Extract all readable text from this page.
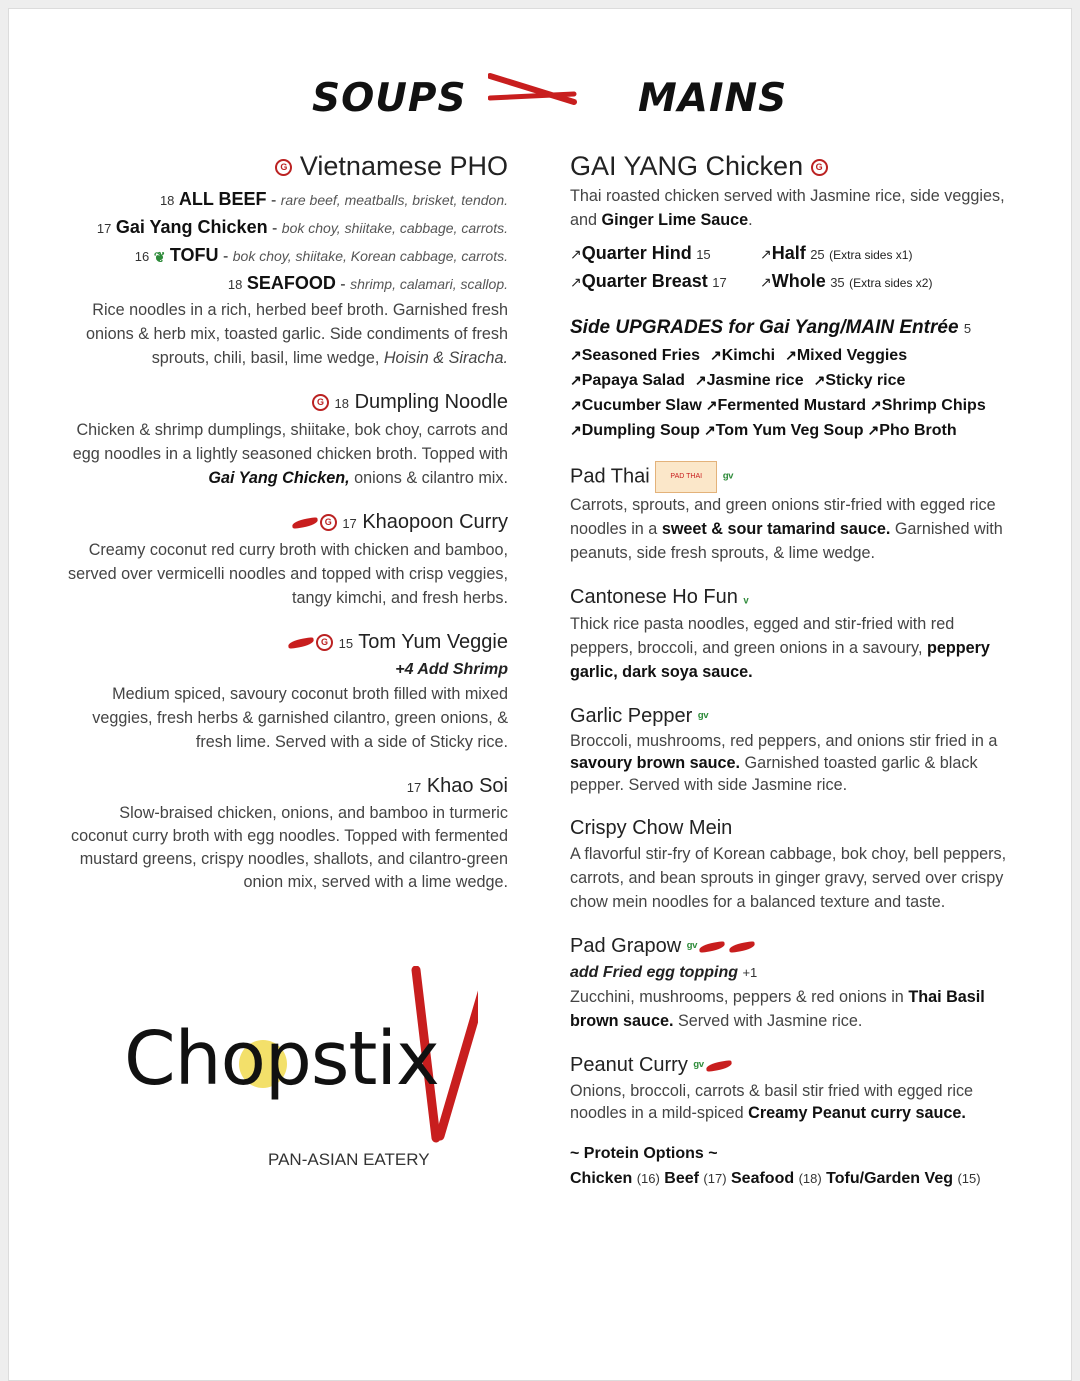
SOUPS	MAINS
G Vietnamese PHO
18 ALL BEEF - rare beef, meatballs, brisket, tendon.
17 Gai Yang Chicken - bok choy, shiitake, cabbage, carrots.
16 ❦ TOFU - bok choy, shiitake, Korean cabbage, carrots.
18 SEAFOOD - shrimp, calamari, scallop.
Rice noodles in a rich, herbed beef broth. Garnished fresh onions & herb mix, toasted garlic. Side condiments of fresh sprouts, chili, basil, lime wedge, Hoisin & Siracha.
G 18 Dumpling Noodle
Chicken & shrimp dumplings, shiitake, bok choy, carrots and egg noodles in a lightly seasoned chicken broth. Topped with Gai Yang Chicken, onions & cilantro mix.
G 17 Khaopoon Curry
Creamy coconut red curry broth with chicken and bamboo, served over vermicelli noodles and topped with crisp veggies, tangy kimchi, and fresh herbs.
G 15 Tom Yum Veggie
+4 Add Shrimp
Medium spiced, savoury coconut broth filled with mixed veggies, fresh herbs & garnished cilantro, green onions, & fresh lime. Served with a side of Sticky rice.
17 Khao Soi
Slow-braised chicken, onions, and bamboo in turmeric coconut curry broth with egg noodles. Topped with fermented mustard greens, crispy noodles, shallots, and cilantro-green onion mix, served with a lime wedge.
Chopstix
PAN-ASIAN EATERY
GAI YANG Chicken G
Thai roasted chicken served with Jasmine rice, side veggies, and Ginger Lime Sauce.
↗Quarter Hind 15	↗Half 25 (Extra sides x1)
↗Quarter Breast 17	↗Whole 35 (Extra sides x2)
Side UPGRADES for Gai Yang/MAIN Entrée 5
↗Seasoned Fries ↗Kimchi ↗Mixed Veggies
↗Papaya Salad ↗Jasmine rice ↗Sticky rice
↗Cucumber Slaw ↗Fermented Mustard ↗Shrimp Chips
↗Dumpling Soup ↗Tom Yum Veg Soup ↗Pho Broth
Pad Thai	PAD THAI ᵍᵛ
Carrots, sprouts, and green onions stir-fried with egged rice noodles in a sweet & sour tamarind sauce. Garnished with peanuts, side fresh sprouts, & lime wedge.
Cantonese Ho Fun ᵥ
Thick rice pasta noodles, egged and stir-fried with red peppers, broccoli, and green onions in a savoury, peppery garlic, dark soya sauce.
Garlic Pepper ᵍᵛ
Broccoli, mushrooms, red peppers, and onions stir fried in a savoury brown sauce. Garnished toasted garlic & black pepper. Served with side Jasmine rice.
Crispy Chow Mein
A flavorful stir-fry of Korean cabbage, bok choy, bell peppers, carrots, and bean sprouts in ginger gravy, served over crispy chow mein noodles for a balanced texture and taste.
Pad Grapow ᵍᵛ
add Fried egg topping +1
Zucchini, mushrooms, peppers & red onions in Thai Basil brown sauce. Served with Jasmine rice.
Peanut Curry ᵍᵛ
Onions, broccoli, carrots & basil stir fried with egged rice noodles in a mild-spiced Creamy Peanut curry sauce.
~ Protein Options ~
Chicken (16) Beef (17) Seafood (18) Tofu/Garden Veg (15)
